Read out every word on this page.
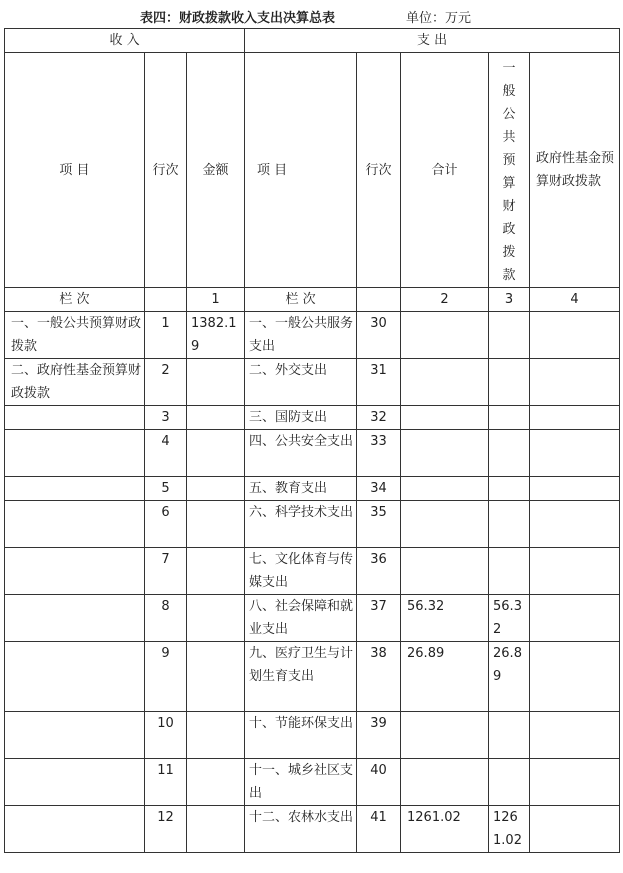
表四：财政拨款收入支出决算总表	单位：万元
收 入			支 出				
项 目	行次	金额	项 目	行次	合计	一般公共预算财政拨款	政府性基金预算财政拨款
栏 次		1	栏 次		2	3	4
一、一般公共预算财政拨款	1	1382.19	一、一般公共服务支出	30			
二、政府性基金预算财政拨款	2		二、外交支出	31			
	3		三、国防支出	32			
	4		四、公共安全支出	33			
	5		五、教育支出	34			
	6		六、科学技术支出	35			
	7		七、文化体育与传媒支出	36			
	8		八、社会保障和就业支出	37	56.32	56.32	
	9		九、医疗卫生与计划生育支出	38	26.89	26.89	
	10		十、节能环保支出	39			
	11		十一、城乡社区支出	40			
	12		十二、农林水支出	41	1261.02	1261.02	
